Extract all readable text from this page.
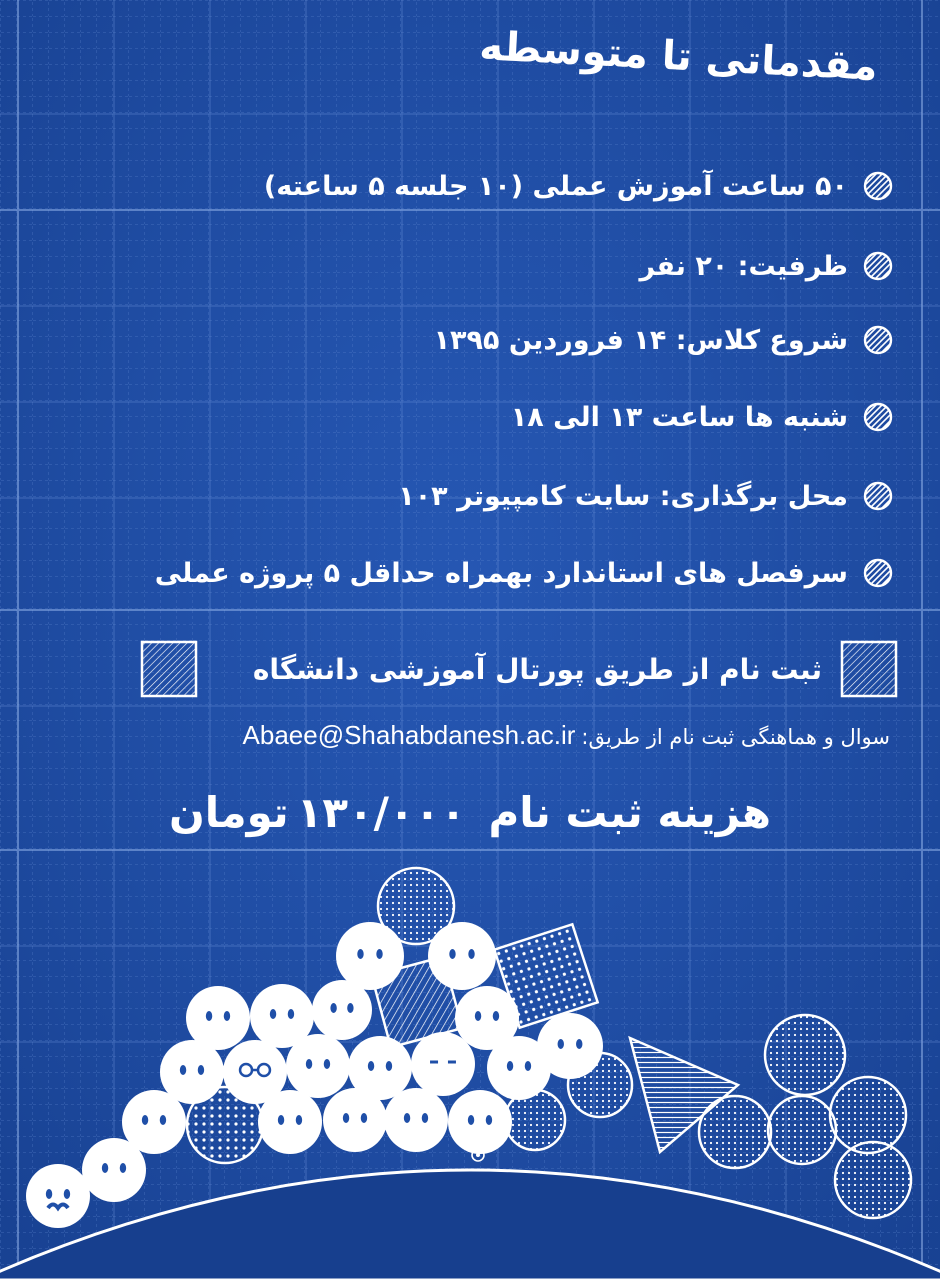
مقدماتی تا متوسطه
۵۰ ساعت آموزش عملی (۱۰ جلسه ۵ ساعته)
ظرفیت: ۲۰ نفر
شروع کلاس: ۱۴ فروردین ۱۳۹۵
شنبه ها ساعت ۱۳ الی ۱۸
محل برگذاری: سایت کامپیوتر ۱۰۳
سرفصل های استاندارد بهمراه حداقل ۵ پروژه عملی
ثبت نام از طریق پورتال آموزشی دانشگاه
سوال و هماهنگی ثبت نام از طریق:
Abaee@Shahabdanesh.ac.ir
هزینه ثبت نام ۱۳۰/۰۰۰تومان
